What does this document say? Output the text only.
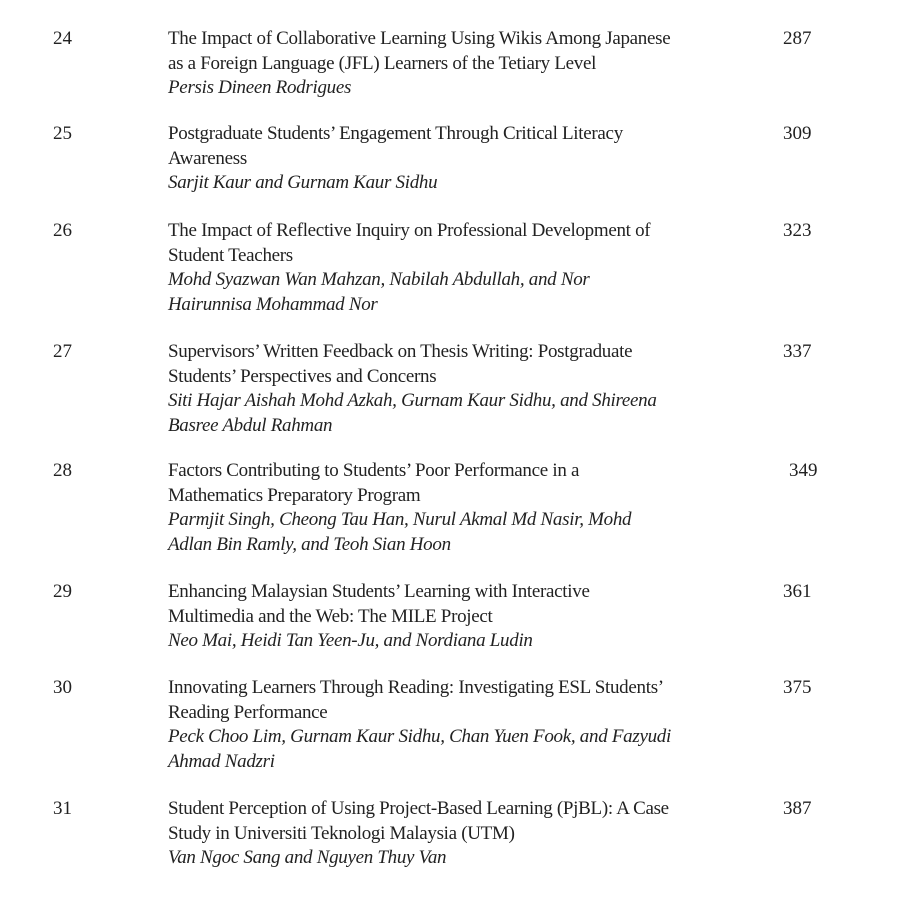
24	The Impact of Collaborative Learning Using Wikis Among Japanese
as a Foreign Language (JFL) Learners of the Tetiary Level
Persis Dineen Rodrigues
287
25	Postgraduate Students’ Engagement Through Critical Literacy
Awareness
Sarjit Kaur and Gurnam Kaur Sidhu
309
26	The Impact of Reflective Inquiry on Professional Development of
Student Teachers
Mohd Syazwan Wan Mahzan, Nabilah Abdullah, and Nor
Hairunnisa Mohammad Nor
323
27	Supervisors’ Written Feedback on Thesis Writing: Postgraduate
Students’ Perspectives and Concerns
Siti Hajar Aishah Mohd Azkah, Gurnam Kaur Sidhu, and Shireena
Basree Abdul Rahman
337
28	Factors Contributing to Students’ Poor Performance in a
Mathematics Preparatory Program
Parmjit Singh, Cheong Tau Han, Nurul Akmal Md Nasir, Mohd
Adlan Bin Ramly, and Teoh Sian Hoon
349
29	Enhancing Malaysian Students’ Learning with Interactive
Multimedia and the Web: The MILE Project
Neo Mai, Heidi Tan Yeen-Ju, and Nordiana Ludin
361
30	Innovating Learners Through Reading: Investigating ESL Students’
Reading Performance
Peck Choo Lim, Gurnam Kaur Sidhu, Chan Yuen Fook, and Fazyudi
Ahmad Nadzri
375
31	Student Perception of Using Project-Based Learning (PjBL): A Case
Study in Universiti Teknologi Malaysia (UTM)
Van Ngoc Sang and Nguyen Thuy Van
387
